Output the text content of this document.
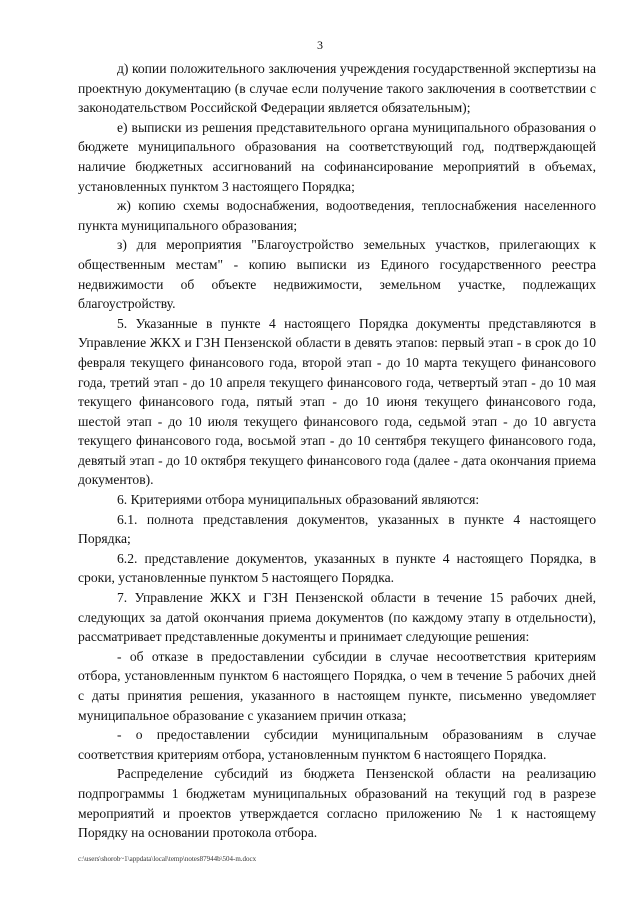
3

д) копии положительного заключения учреждения государственной экспертизы на проектную документацию (в случае если получение такого заключения в соответствии с законодательством Российской Федерации является обязательным);

е) выписки из решения представительного органа муниципального образования о бюджете муниципального образования на соответствующий год, подтверждающей наличие бюджетных ассигнований на софинансирование мероприятий в объемах, установленных пунктом 3 настоящего Порядка;

ж) копию схемы водоснабжения, водоотведения, теплоснабжения населенного пункта муниципального образования;

з) для мероприятия "Благоустройство земельных участков, прилегающих к общественным местам" - копию выписки из Единого государственного реестра недвижимости об объекте недвижимости, земельном участке, подлежащих благоустройству.

5. Указанные в пункте 4 настоящего Порядка документы представляются в Управление ЖКХ и ГЗН Пензенской области в девять этапов: первый этап - в срок до 10 февраля текущего финансового года, второй этап - до 10 марта текущего финансового года, третий этап - до 10 апреля текущего финансового года, четвертый этап - до 10 мая текущего финансового года, пятый этап - до 10 июня текущего финансового года, шестой этап - до 10 июля текущего финансового года, седьмой этап - до 10 августа текущего финансового года, восьмой этап - до 10 сентября текущего финансового года, девятый этап - до 10 октября текущего финансового года (далее - дата окончания приема документов).

6. Критериями отбора муниципальных образований являются:

6.1. полнота представления документов, указанных в пункте 4 настоящего Порядка;

6.2. представление документов, указанных в пункте 4 настоящего Порядка, в сроки, установленные пунктом 5 настоящего Порядка.

7. Управление ЖКХ и ГЗН Пензенской области в течение 15 рабочих дней, следующих за датой окончания приема документов (по каждому этапу в отдельности), рассматривает представленные документы и принимает следующие решения:

- об отказе в предоставлении субсидии в случае несоответствия критериям отбора, установленным пунктом 6 настоящего Порядка, о чем в течение 5 рабочих дней с даты принятия решения, указанного в настоящем пункте, письменно уведомляет муниципальное образование с указанием причин отказа;

- о предоставлении субсидии муниципальным образованиям в случае соответствия критериям отбора, установленным пунктом 6 настоящего Порядка.

Распределение субсидий из бюджета Пензенской области на реализацию подпрограммы 1 бюджетам муниципальных образований на текущий год в разрезе мероприятий и проектов утверждается согласно приложению № 1 к настоящему Порядку на основании протокола отбора.

c:\users\shorob~1\appdata\local\temp\notes87944b\504-m.docx
